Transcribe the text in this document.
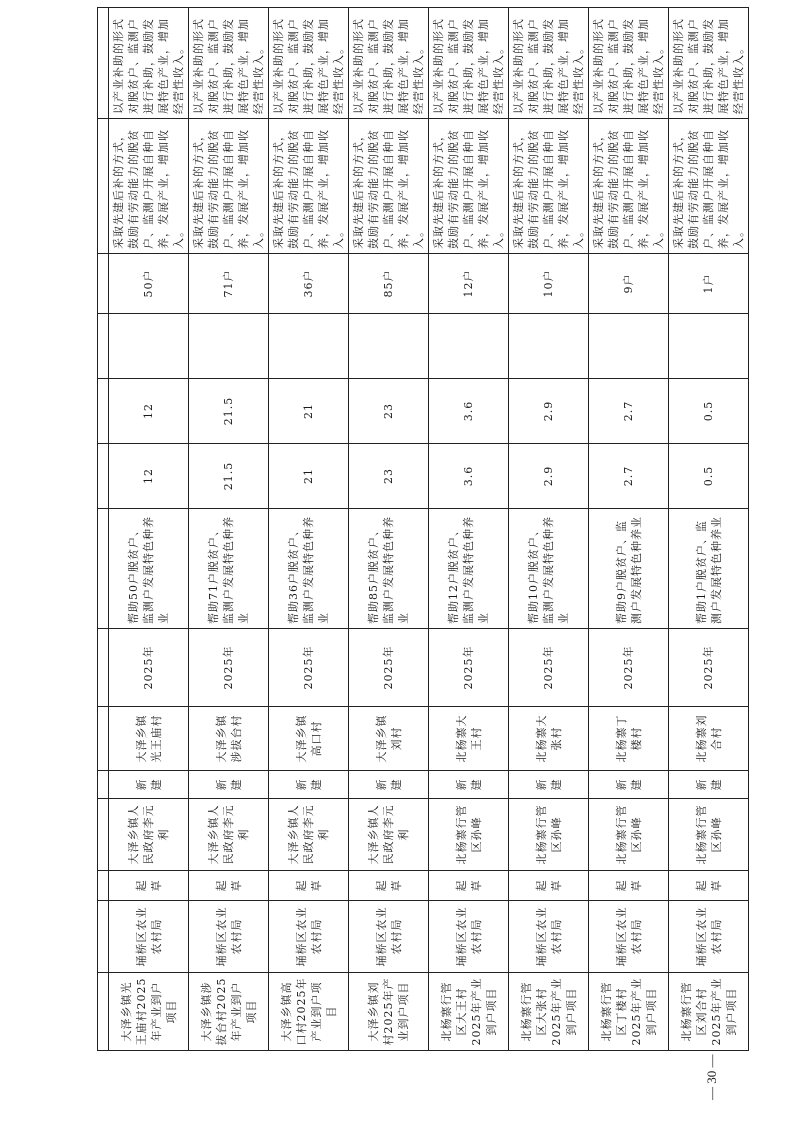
大泽乡镇光王庙村2025年产业到户项目	埇桥区农业农村局	起草	大泽乡镇人民政府李元利	新建	大泽乡镇光王庙村	2025年	帮助50户脱贫户、监测户发展特色种养业	12	12		50户	采取先建后补的方式，鼓励有劳动能力的脱贫户、监测户开展自种自养，发展产业，增加收入。	以产业补助的形式对脱贫户、监测户进行补助，鼓励发展特色产业，增加经营性收入。
大泽乡镇涉拔台村2025年产业到户项目	埇桥区农业农村局	起草	大泽乡镇人民政府李元利	新建	大泽乡镇涉拔台村	2025年	帮助71户脱贫户、监测户发展特色种养业	21.5	21.5		71户	采取先建后补的方式，鼓励有劳动能力的脱贫户、监测户开展自种自养，发展产业，增加收入。	以产业补助的形式对脱贫户、监测户进行补助，鼓励发展特色产业，增加经营性收入。
大泽乡镇高口村2025年产业到户项目	埇桥区农业农村局	起草	大泽乡镇人民政府李元利	新建	大泽乡镇高口村	2025年	帮助36户脱贫户、监测户发展特色种养业	21	21		36户	采取先建后补的方式，鼓励有劳动能力的脱贫户、监测户开展自种自养，发展产业，增加收入。	以产业补助的形式对脱贫户、监测户进行补助，鼓励发展特色产业，增加经营性收入。
大泽乡镇刘村2025年产业到户项目	埇桥区农业农村局	起草	大泽乡镇人民政府李元利	新建	大泽乡镇刘村	2025年	帮助85户脱贫户、监测户发展特色种养业	23	23		85户	采取先建后补的方式，鼓励有劳动能力的脱贫户、监测户开展自种自养，发展产业，增加收入。	以产业补助的形式对脱贫户、监测户进行补助，鼓励发展特色产业，增加经营性收入。
北杨寨行管区大王村2025年产业到户项目	埇桥区农业农村局	起草	北杨寨行管区孙峰	新建	北杨寨大王村	2025年	帮助12户脱贫户、监测户发展特色种养业	3.6	3.6		12户	采取先建后补的方式，鼓励有劳动能力的脱贫户、监测户开展自种自养，发展产业，增加收入。	以产业补助的形式对脱贫户、监测户进行补助，鼓励发展特色产业，增加经营性收入。
北杨寨行管区大张村2025年产业到户项目	埇桥区农业农村局	起草	北杨寨行管区孙峰	新建	北杨寨大张村	2025年	帮助10户脱贫户、监测户发展特色种养业	2.9	2.9		10户	采取先建后补的方式，鼓励有劳动能力的脱贫户、监测户开展自种自养，发展产业，增加收入。	以产业补助的形式对脱贫户、监测户进行补助，鼓励发展特色产业，增加经营性收入。
北杨寨行管区丁楼村2025年产业到户项目	埇桥区农业农村局	起草	北杨寨行管区孙峰	新建	北杨寨丁楼村	2025年	帮助9户脱贫户、监测户发展特色种养业	2.7	2.7		9户	采取先建后补的方式，鼓励有劳动能力的脱贫户、监测户开展自种自养，发展产业，增加收入。	以产业补助的形式对脱贫户、监测户进行补助，鼓励发展特色产业，增加经营性收入。
北杨寨行管区刘合村2025年产业到户项目	埇桥区农业农村局	起草	北杨寨行管区孙峰	新建	北杨寨刘合村	2025年	帮助1户脱贫户、监测户发展特色种养业	0.5	0.5		1户	采取先建后补的方式，鼓励有劳动能力的脱贫户、监测户开展自种自养，发展产业，增加收入。	以产业补助的形式对脱贫户、监测户进行补助，鼓励发展特色产业，增加经营性收入。
— 30 —
